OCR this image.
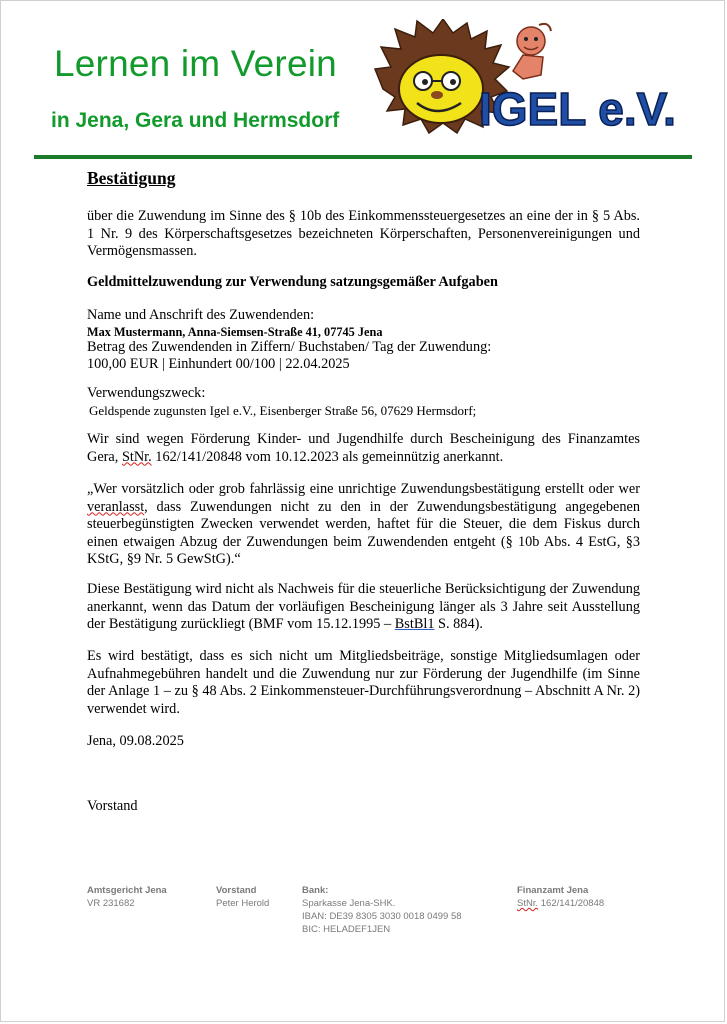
Lernen im Verein
in Jena, Gera und Hermsdorf	IGEL e.V.
Bestätigung
über die Zuwendung im Sinne des § 10b des Einkommenssteuergesetzes an eine der in § 5 Abs. 1 Nr. 9 des Körperschaftsgesetzes bezeichneten Körperschaften, Personenvereinigungen und Vermögensmassen.
Geldmittelzuwendung zur Verwendung satzungsgemäßer Aufgaben
Name und Anschrift des Zuwendenden:
Max Mustermann, Anna-Siemsen-Straße 41, 07745 Jena
Betrag des Zuwendenden in Ziffern/ Buchstaben/ Tag der Zuwendung:
100,00 EUR | Einhundert 00/100 | 22.04.2025
Verwendungszweck:
Geldspende zugunsten Igel e.V., Eisenberger Straße 56, 07629 Hermsdorf;
Wir sind wegen Förderung Kinder- und Jugendhilfe durch Bescheinigung des Finanzamtes Gera, StNr. 162/141/20848 vom 10.12.2023 als gemeinnützig anerkannt.
„Wer vorsätzlich oder grob fahrlässig eine unrichtige Zuwendungsbestätigung erstellt oder wer veranlasst, dass Zuwendungen nicht zu den in der Zuwendungsbestätigung angegebenen steuerbegünstigten Zwecken verwendet werden, haftet für die Steuer, die dem Fiskus durch einen etwaigen Abzug der Zuwendungen beim Zuwendenden entgeht (§ 10b Abs. 4 EstG, §3 KStG, §9 Nr. 5 GewStG).“
Diese Bestätigung wird nicht als Nachweis für die steuerliche Berücksichtigung der Zuwendung anerkannt, wenn das Datum der vorläufigen Bescheinigung länger als 3 Jahre seit Ausstellung der Bestätigung zurückliegt (BMF vom 15.12.1995 – BstBl1 S. 884).
Es wird bestätigt, dass es sich nicht um Mitgliedsbeiträge, sonstige Mitgliedsumlagen oder Aufnahmegebühren handelt und die Zuwendung nur zur Förderung der Jugendhilfe (im Sinne der Anlage 1 – zu § 48 Abs. 2 Einkommensteuer-Durchführungsverordnung – Abschnitt A Nr. 2) verwendet wird.
Jena, 09.08.2025
Vorstand
Amtsgericht Jena
VR 231682
Vorstand
Peter Herold
Bank:
Sparkasse Jena-SHK.
IBAN: DE39 8305 3030 0018 0499 58
BIC: HELADEF1JEN
Finanzamt Jena
StNr. 162/141/20848
